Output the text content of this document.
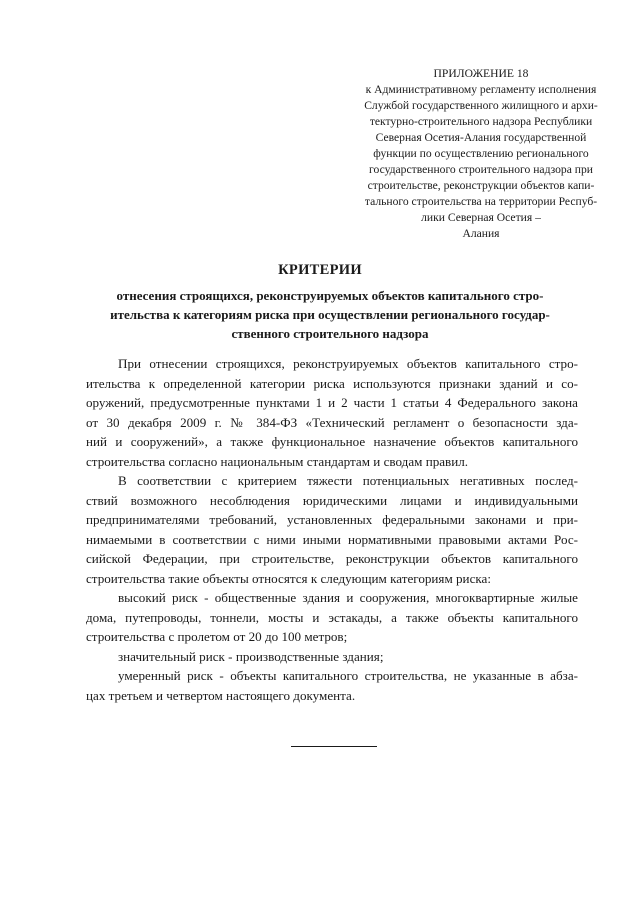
ПРИЛОЖЕНИЕ 18
к Административному регламенту исполнения
Службой государственного жилищного и архи-
тектурно-строительного надзора Республики
Северная Осетия-Алания государственной
функции по осуществлению регионального
государственного строительного надзора при
строительстве, реконструкции объектов капи-
тального строительства на территории Респуб-
лики Северная Осетия –
Алания
КРИТЕРИИ
отнесения строящихся, реконструируемых объектов капитального стро-
ительства к категориям риска при осуществлении регионального государ-
ственного строительного надзора
При отнесении строящихся, реконструируемых объектов капитального стро-
ительства к определенной категории риска используются признаки зданий и со-
оружений, предусмотренные пунктами 1 и 2 части 1 статьи 4 Федерального закона
от 30 декабря 2009 г. № 384-ФЗ «Технический регламент о безопасности зда-
ний и сооружений», а также функциональное назначение объектов капитального
строительства согласно национальным стандартам и сводам правил.
В соответствии с критерием тяжести потенциальных негативных послед-
ствий возможного несоблюдения юридическими лицами и индивидуальными
предпринимателями требований, установленных федеральными законами и при-
нимаемыми в соответствии с ними иными нормативными правовыми актами Рос-
сийской Федерации, при строительстве, реконструкции объектов капитального
строительства такие объекты относятся к следующим категориям риска:
высокий риск - общественные здания и сооружения, многоквартирные жилые
дома, путепроводы, тоннели, мосты и эстакады, а также объекты капитального
строительства с пролетом от 20 до 100 метров;
значительный риск - производственные здания;
умеренный риск - объекты капитального строительства, не указанные в абза-
цах третьем и четвертом настоящего документа.
